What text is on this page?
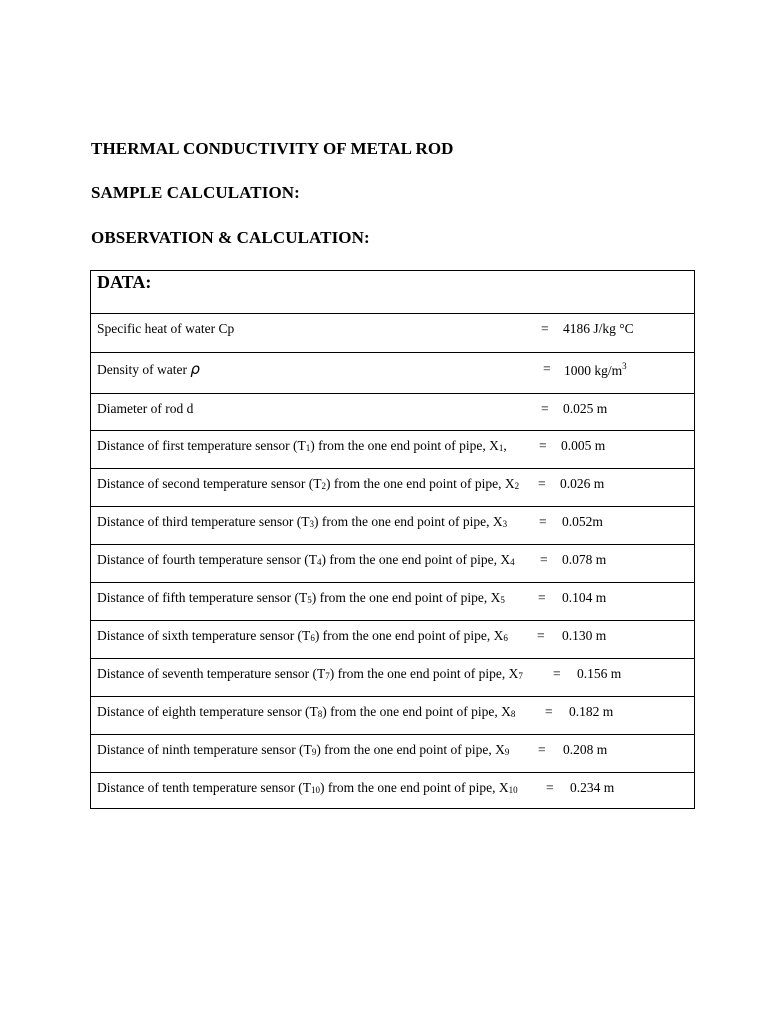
THERMAL CONDUCTIVITY OF METAL ROD
SAMPLE CALCULATION:
OBSERVATION & CALCULATION:
DATA:
Specific heat of water Cp	= 4186 J/kg °C
Density of water ρ	= 1000 $kg/m^3$
Diameter of rod d	= 0.025 m
Distance of first temperature sensor $(T_1)$ from the one end point of pipe, $X_1$, = 0.005 m
Distance of second temperature sensor $(T_2)$ from the one end point of pipe, $X_2 = 0.026$ m
Distance of third temperature sensor $(T_3)$ from the one end point of pipe, $X_3 = 0.052m$
Distance of fourth temperature sensor $(T_4)$ from the one end point of pipe, $X_4 = 0.078$ m
Distance of fifth temperature sensor $(T_5)$ from the one end point of pipe, $X_5 = 0.104$ m
Distance of sixth temperature sensor $(T_6)$ from the one end point of pipe, $X_6 = 0.130$ m
Distance of seventh temperature sensor $(T_7)$ from the one end point of pipe, $X_7 = 0.156$ m
Distance of eighth temperature sensor $(T_8)$ from the one end point of pipe, $X_8 = 0.182$ m
Distance of ninth temperature sensor $(T_9)$ from the one end point of pipe, $X_9 = 0.208$ m
Distance of tenth temperature sensor $(T_{10})$ from the one end point of pipe, $X_{10} = 0.234$ m
